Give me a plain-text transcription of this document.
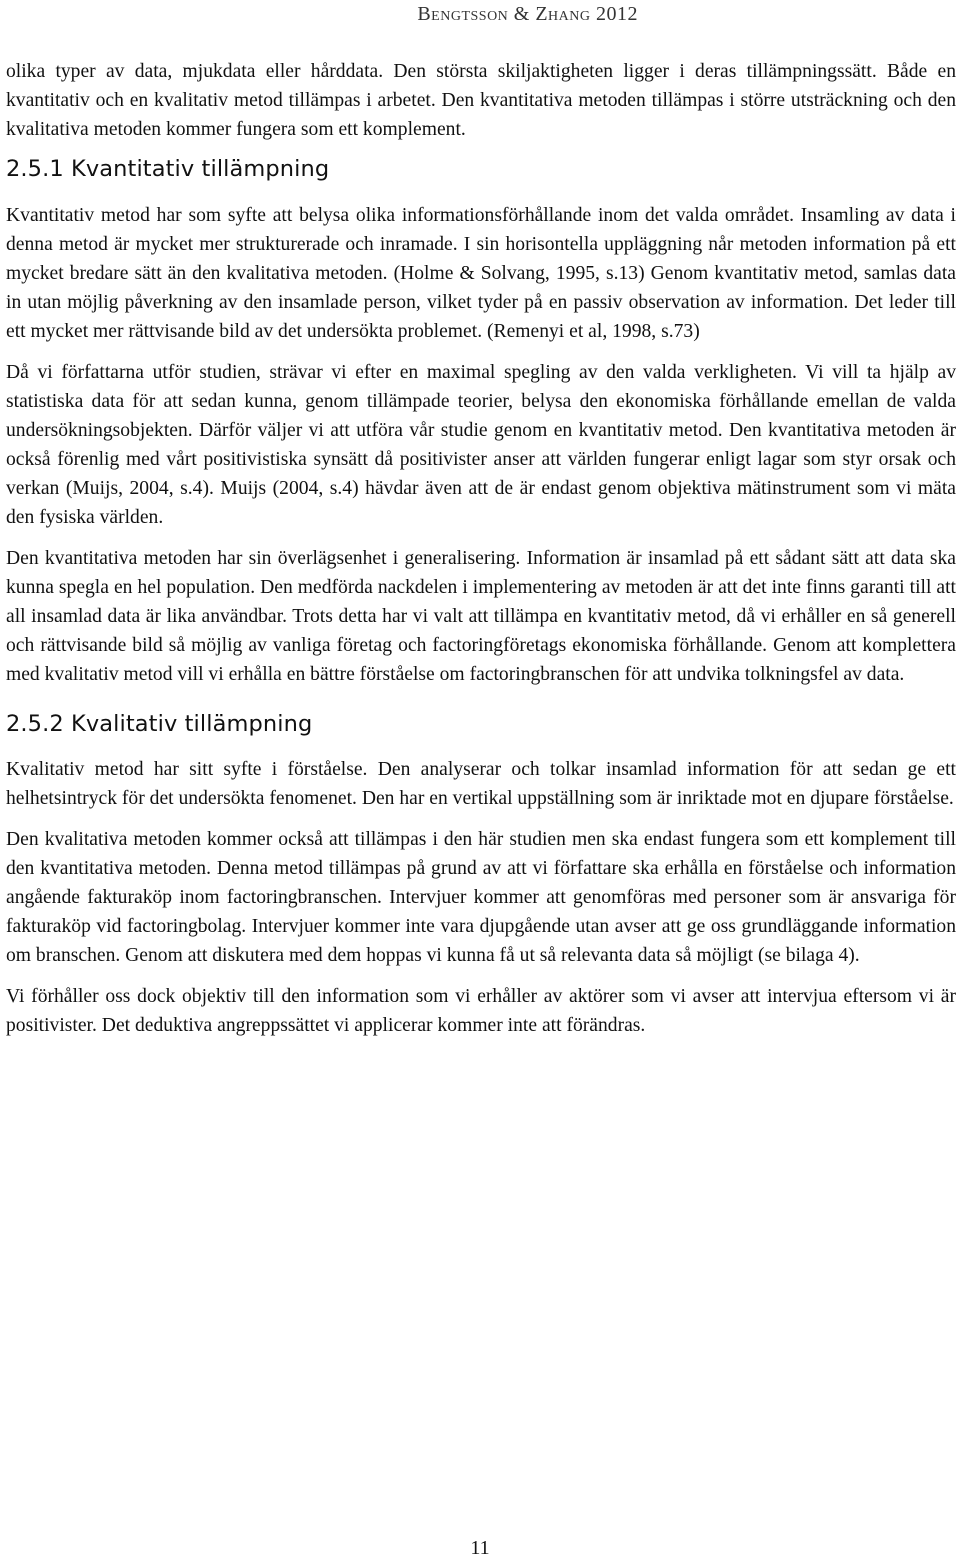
Bengtsson & Zhang 2012

olika typer av data, mjukdata eller hårddata. Den största skiljaktigheten ligger i deras tillämpningssätt. Både en kvantitativ och en kvalitativ metod tillämpas i arbetet. Den kvantitativa metoden tillämpas i större utsträckning och den kvalitativa metoden kommer fungera som ett komplement.

2.5.1 Kvantitativ tillämpning

Kvantitativ metod har som syfte att belysa olika informationsförhållande inom det valda området. Insamling av data i denna metod är mycket mer strukturerade och inramade. I sin horisontella uppläggning når metoden information på ett mycket bredare sätt än den kvalitativa metoden. (Holme & Solvang, 1995, s.13) Genom kvantitativ metod, samlas data in utan möjlig påverkning av den insamlade person, vilket tyder på en passiv observation av information. Det leder till ett mycket mer rättvisande bild av det undersökta problemet. (Remenyi et al, 1998, s.73)

Då vi författarna utför studien, strävar vi efter en maximal spegling av den valda verkligheten. Vi vill ta hjälp av statistiska data för att sedan kunna, genom tillämpade teorier, belysa den ekonomiska förhållande emellan de valda undersökningsobjekten. Därför väljer vi att utföra vår studie genom en kvantitativ metod. Den kvantitativa metoden är också förenlig med vårt positivistiska synsätt då positivister anser att världen fungerar enligt lagar som styr orsak och verkan (Muijs, 2004, s.4). Muijs (2004, s.4) hävdar även att de är endast genom objektiva mätinstrument som vi mäta den fysiska världen.

Den kvantitativa metoden har sin överlägsenhet i generalisering. Information är insamlad på ett sådant sätt att data ska kunna spegla en hel population. Den medförda nackdelen i implementering av metoden är att det inte finns garanti till att all insamlad data är lika användbar. Trots detta har vi valt att tillämpa en kvantitativ metod, då vi erhåller en så generell och rättvisande bild så möjlig av vanliga företag och factoringföretags ekonomiska förhållande. Genom att komplettera med kvalitativ metod vill vi erhålla en bättre förståelse om factoringbranschen för att undvika tolkningsfel av data.

2.5.2 Kvalitativ tillämpning

Kvalitativ metod har sitt syfte i förståelse. Den analyserar och tolkar insamlad information för att sedan ge ett helhetsintryck för det undersökta fenomenet. Den har en vertikal uppställning som är inriktade mot en djupare förståelse.

Den kvalitativa metoden kommer också att tillämpas i den här studien men ska endast fungera som ett komplement till den kvantitativa metoden. Denna metod tillämpas på grund av att vi författare ska erhålla en förståelse och information angående fakturaköp inom factoringbranschen. Intervjuer kommer att genomföras med personer som är ansvariga för fakturaköp vid factoringbolag. Intervjuer kommer inte vara djupgående utan avser att ge oss grundläggande information om branschen. Genom att diskutera med dem hoppas vi kunna få ut så relevanta data så möjligt (se bilaga 4).

Vi förhåller oss dock objektiv till den information som vi erhåller av aktörer som vi avser att intervjua eftersom vi är positivister. Det deduktiva angreppssättet vi applicerar kommer inte att förändras.

11
